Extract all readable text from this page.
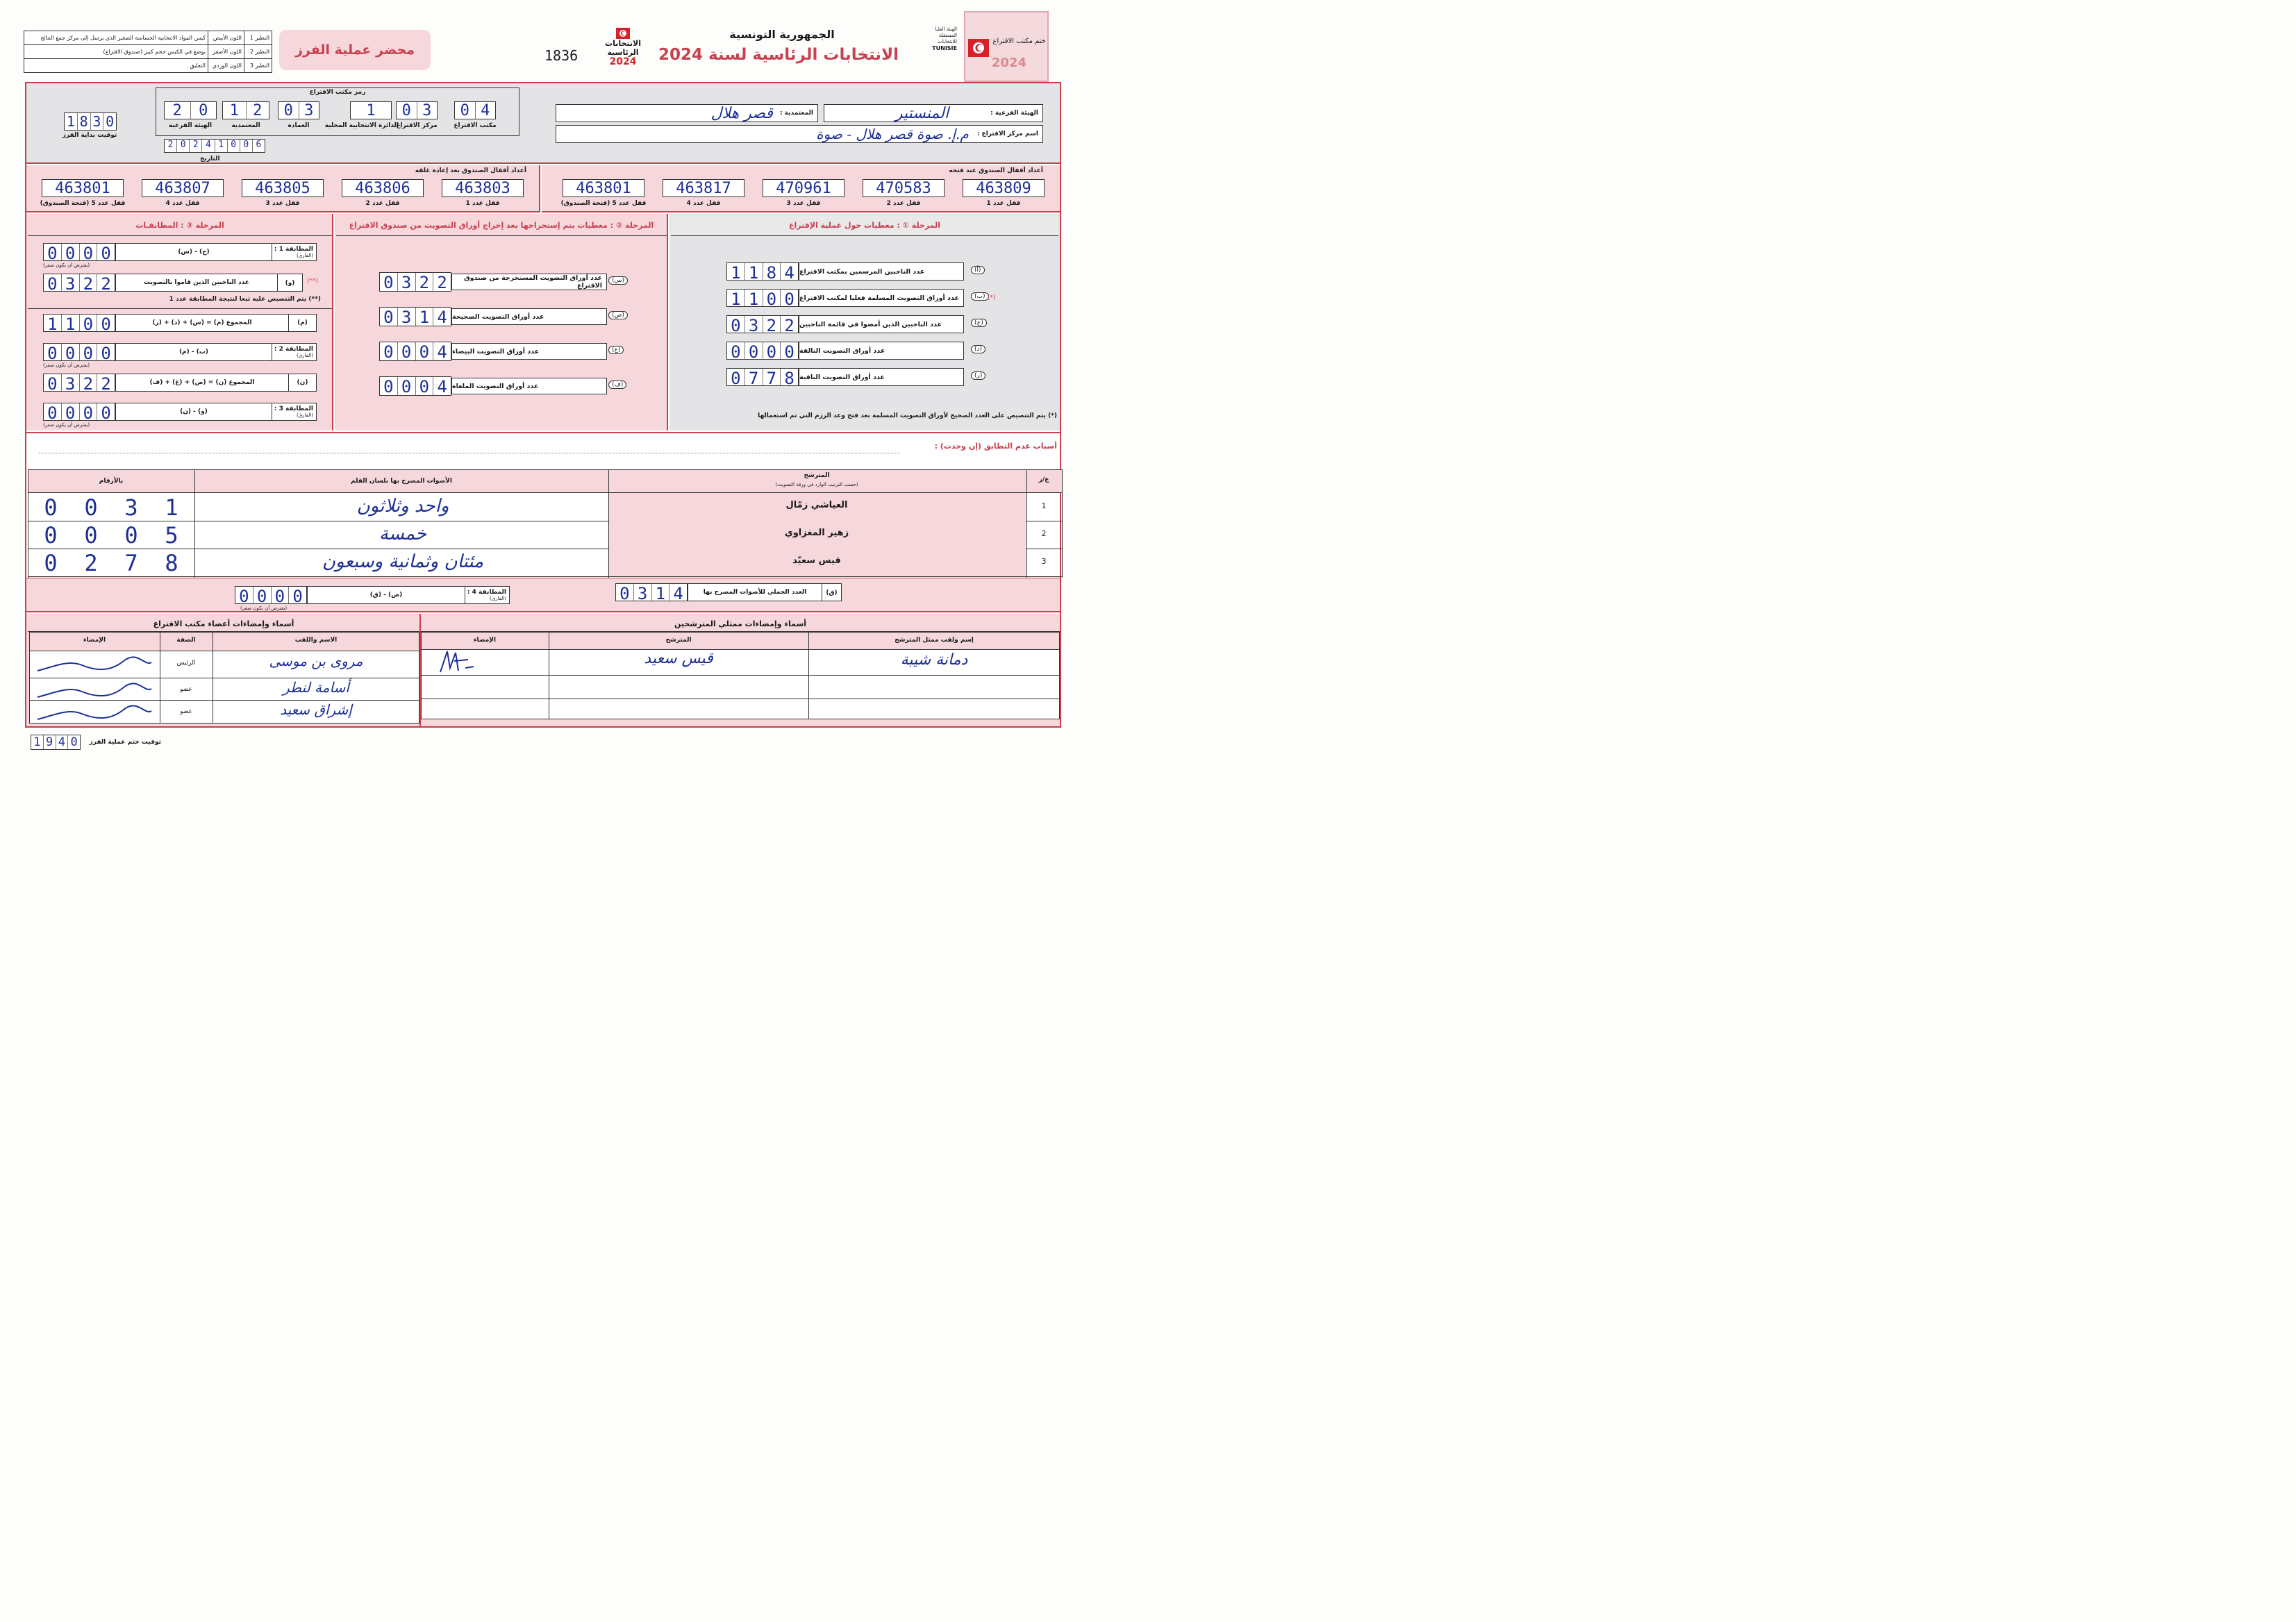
النظير 1	اللون الأبيض	كيس المواد الانتخابية الحساسة الصغير الذي يرسل إلى مركز جمع النتائج
النظير 2	اللون الأصفر	يوضع في الكيس حجم كبير (صندوق الاقتراع)
النظير 3	اللون الوردي	التعليق
محضر عملية الفرز	1836
الانتخابات
الرئاسية
2024
الجمهورية التونسية
الانتخابات الرئاسية لسنة 2024
الهيئة العليا المستقلة للانتخابات
TUNISIE
ختم مكتب الاقتراع
2024
1 8 3 0
توقيت بداية الفرز
رمز مكتب الاقتراع
2	0
الهيئة الفرعية
1 2
المعتمدية
0 3
العمادة
1
الدائرة الانتخابية المحلية
0 3
مركز الاقتراع
0 4
مكتب الاقتراع
2 0 2 4 1 0 0 6
التاريخ
الهيئة الفرعية :
المنستير
المعتمدية :
قصر هلال
اسم مركز الاقتراع :
م.إ. صوة قصر هلال - صوة
أعداد أقفال الصندوق بعد إعادة غلقه	أعداد أقفال الصندوق عند فتحه
463801
قفل عدد 5 (فتحة الصندوق)
463807
قفل عدد 4
463805
قفل عدد 3
463806
قفل عدد 2
463803
قفل عدد 1
463801
قفل عدد 5 (فتحة الصندوق)
463817
قفل عدد 4
470961
قفل عدد 3
470583
قفل عدد 2
463809
قفل عدد 1
المرحلة ③ : المطابقـات	المرحلة ② : معطيات يتم إستخراجها بعد إخراج أوراق التصويت من صندوق الاقتراع	المرحلة ① : معطيات حول عملية الإقتراع
1 1 8 4 عدد الناخبين المرسمين بمكتب الاقتراع	(أ)
1 1 0 0 عدد أوراق التصويت المسلمة فعليا لمكتب الاقتراع	(ب)
0 3 2 2 عدد الناخبين الذين أمضوا في قائمة الناخبين	(ج)
0 0 0 0 عدد أوراق التصويت التالفة	(د)
0 7 7 8 عدد أوراق التصويت الباقية	(ر)
(*)
(*) يتم التنصيص على العدد الصحيح لأوراق التصويت المسلمة بعد فتح وعد الرزم التي تم استعمالها
0 3 2 2	عدد أوراق التصويت المستخرجة من صندوق الاقتراع
(س)
0 3 1 4 عدد أوراق التصويت الصحيحة	(ص)
0 0 0 4 عدد أوراق التصويت البيضاء	(ع)
0 0 0 4 عدد أوراق التصويت الملغاة	(ف)
0 0 0 0	المطابقة 1 :
(الفارق)
(ج) - (س)
(يفترض أن يكون صفر)
0 3 2 2	(و)
عدد الناخبين الذين قاموا بالتصويت	(**)
(**) يتم التنصيص عليه تبعا لنتيجة المطابقة عدد 1
1 1 0 0	(م)
المجموع (م) = (س) + (د) + (ر)
0 0 0 0	المطابقة 2 :
(الفارق)
(ب) - (م)
(يفترض أن يكون صفر)
0 3 2 2	(ن)
المجموع (ن) = (ص) + (ع) + (ف)
0 0 0 0	المطابقة 3 :
(الفارق)
(و) - (ن)
(يفترض أن يكون صفر)
أسباب عدم التطابق (إن وجدت) :
ع/ر
المترشح
(حسب الترتيب الوارد في ورقة التصويت)
الأصوات المصرح بها بلسان القلم
بالأرقام
1
العياشي زمّال
واحد وثلاثون
0	0	3	1
2
زهير المغزاوي
خمسة
0	0	0	5
3
قيس سعيّد
مئتان وثمانية وسبعون
0	2	7	8
0 3 1 4	(ق)
العدد الجملي للأصوات المصرح بها
0 0 0 0	المطابقة 4 :
(الفارق)
(ص) - (ق)
(يفترض أن يكون صفر)
أسماء وإمضاءات ممثلي المترشحين
أسماء وإمضاءات أعضاء مكتب الاقتراع
إسم ولقب ممثل المترشح
المترشح
الإمضاء
دمانة شيبة
قيس سعيد
الاسم واللقب
الصفة
الإمضاء
مروى بن موسى
الرئيس
أسامة لنطر
عضو
إشراق سعيد
عضو
1 9 4 0	توقيت ختم عملية الفرز
